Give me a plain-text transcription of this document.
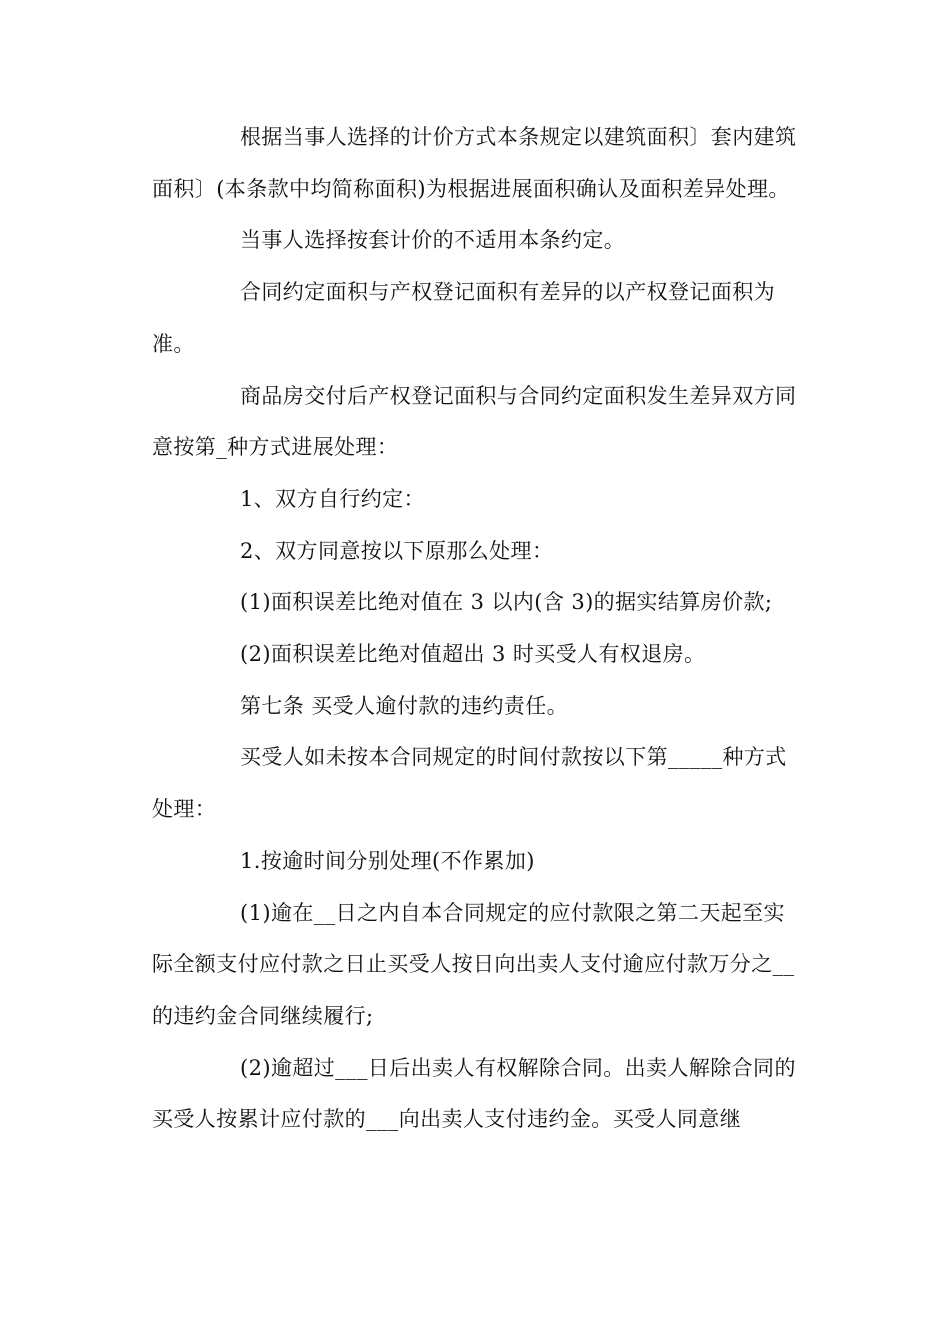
根据当事人选择的计价方式本条规定以建筑面积〕套内建筑面积〕(本条款中均简称面积)为根据进展面积确认及面积差异处理。

当事人选择按套计价的不适用本条约定。

合同约定面积与产权登记面积有差异的以产权登记面积为准。

商品房交付后产权登记面积与合同约定面积发生差异双方同意按第_种方式进展处理：

1、双方自行约定：

2、双方同意按以下原那么处理：

(1)面积误差比绝对值在 3 以内(含 3)的据实结算房价款;

(2)面积误差比绝对值超出 3 时买受人有权退房。

第七条 买受人逾付款的违约责任。

买受人如未按本合同规定的时间付款按以下第_____种方式处理：

1.按逾时间分别处理(不作累加)

(1)逾在__日之内自本合同规定的应付款限之第二天起至实际全额支付应付款之日止买受人按日向出卖人支付逾应付款万分之__的违约金合同继续履行;

(2)逾超过___日后出卖人有权解除合同。出卖人解除合同的买受人按累计应付款的___向出卖人支付违约金。买受人同意继
